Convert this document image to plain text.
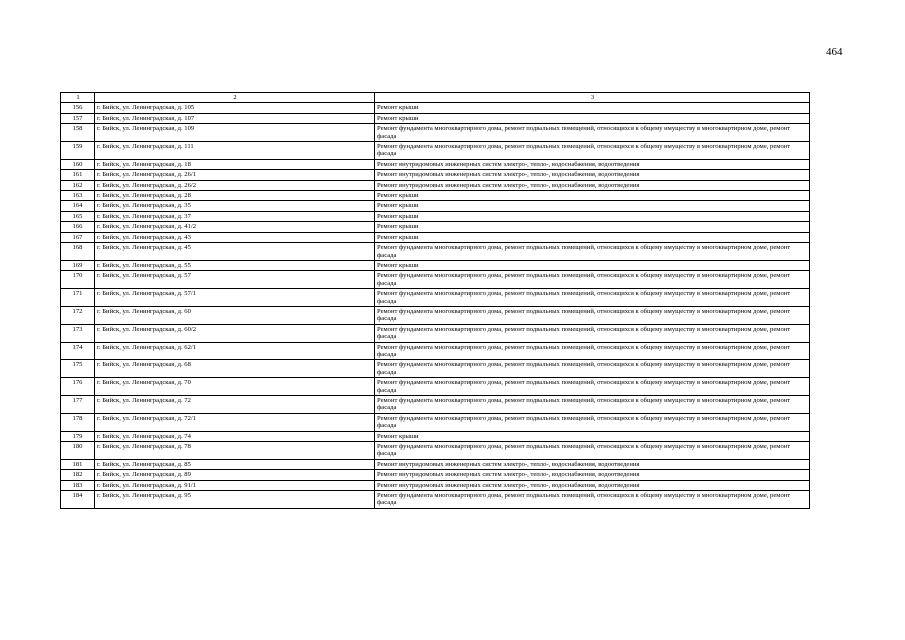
464
1	2	3
156	г. Бийск, ул. Ленинградская, д. 105	Ремонт крыши
157	г. Бийск, ул. Ленинградская, д. 107	Ремонт крыши
158	г. Бийск, ул. Ленинградская, д. 109	Ремонт фундамента многоквартирного дома, ремонт подвальных помещений, относящихся к общему имуществу в многоквартирном доме, ремонт фасада
159	г. Бийск, ул. Ленинградская, д. 111	Ремонт фундамента многоквартирного дома, ремонт подвальных помещений, относящихся к общему имуществу в многоквартирном доме, ремонт фасада
160	г. Бийск, ул. Ленинградская, д. 18	Ремонт внутридомовых инженерных систем электро-, тепло-, водоснабжения, водоотведения
161	г. Бийск, ул. Ленинградская, д. 26/1	Ремонт внутридомовых инженерных систем электро-, тепло-, водоснабжения, водоотведения
162	г. Бийск, ул. Ленинградская, д. 26/2	Ремонт внутридомовых инженерных систем электро-, тепло-, водоснабжения, водоотведения
163	г. Бийск, ул. Ленинградская, д. 28	Ремонт крыши
164	г. Бийск, ул. Ленинградская, д. 35	Ремонт крыши
165	г. Бийск, ул. Ленинградская, д. 37	Ремонт крыши
166	г. Бийск, ул. Ленинградская, д. 41/2	Ремонт крыши
167	г. Бийск, ул. Ленинградская, д. 43	Ремонт крыши
168	г. Бийск, ул. Ленинградская, д. 45	Ремонт фундамента многоквартирного дома, ремонт подвальных помещений, относящихся к общему имуществу в многоквартирном доме, ремонт фасада
169	г. Бийск, ул. Ленинградская, д. 55	Ремонт крыши
170	г. Бийск, ул. Ленинградская, д. 57	Ремонт фундамента многоквартирного дома, ремонт подвальных помещений, относящихся к общему имуществу в многоквартирном доме, ремонт фасада
171	г. Бийск, ул. Ленинградская, д. 57/1	Ремонт фундамента многоквартирного дома, ремонт подвальных помещений, относящихся к общему имуществу в многоквартирном доме, ремонт фасада
172	г. Бийск, ул. Ленинградская, д. 60	Ремонт фундамента многоквартирного дома, ремонт подвальных помещений, относящихся к общему имуществу в многоквартирном доме, ремонт фасада
173	г. Бийск, ул. Ленинградская, д. 60/2	Ремонт фундамента многоквартирного дома, ремонт подвальных помещений, относящихся к общему имуществу в многоквартирном доме, ремонт фасада
174	г. Бийск, ул. Ленинградская, д. 62/1	Ремонт фундамента многоквартирного дома, ремонт подвальных помещений, относящихся к общему имуществу в многоквартирном доме, ремонт фасада
175	г. Бийск, ул. Ленинградская, д. 68	Ремонт фундамента многоквартирного дома, ремонт подвальных помещений, относящихся к общему имуществу в многоквартирном доме, ремонт фасада
176	г. Бийск, ул. Ленинградская, д. 70	Ремонт фундамента многоквартирного дома, ремонт подвальных помещений, относящихся к общему имуществу в многоквартирном доме, ремонт фасада
177	г. Бийск, ул. Ленинградская, д. 72	Ремонт фундамента многоквартирного дома, ремонт подвальных помещений, относящихся к общему имуществу в многоквартирном доме, ремонт фасада
178	г. Бийск, ул. Ленинградская, д. 72/1	Ремонт фундамента многоквартирного дома, ремонт подвальных помещений, относящихся к общему имуществу в многоквартирном доме, ремонт фасада
179	г. Бийск, ул. Ленинградская, д. 74	Ремонт крыши
180	г. Бийск, ул. Ленинградская, д. 78	Ремонт фундамента многоквартирного дома, ремонт подвальных помещений, относящихся к общему имуществу в многоквартирном доме, ремонт фасада
181	г. Бийск, ул. Ленинградская, д. 85	Ремонт внутридомовых инженерных систем электро-, тепло-, водоснабжения, водоотведения
182	г. Бийск, ул. Ленинградская, д. 89	Ремонт внутридомовых инженерных систем электро-, тепло-, водоснабжения, водоотведения
183	г. Бийск, ул. Ленинградская, д. 91/1	Ремонт внутридомовых инженерных систем электро-, тепло-, водоснабжения, водоотведения
184	г. Бийск, ул. Ленинградская, д. 95	Ремонт фундамента многоквартирного дома, ремонт подвальных помещений, относящихся к общему имуществу в многоквартирном доме, ремонт фасада
